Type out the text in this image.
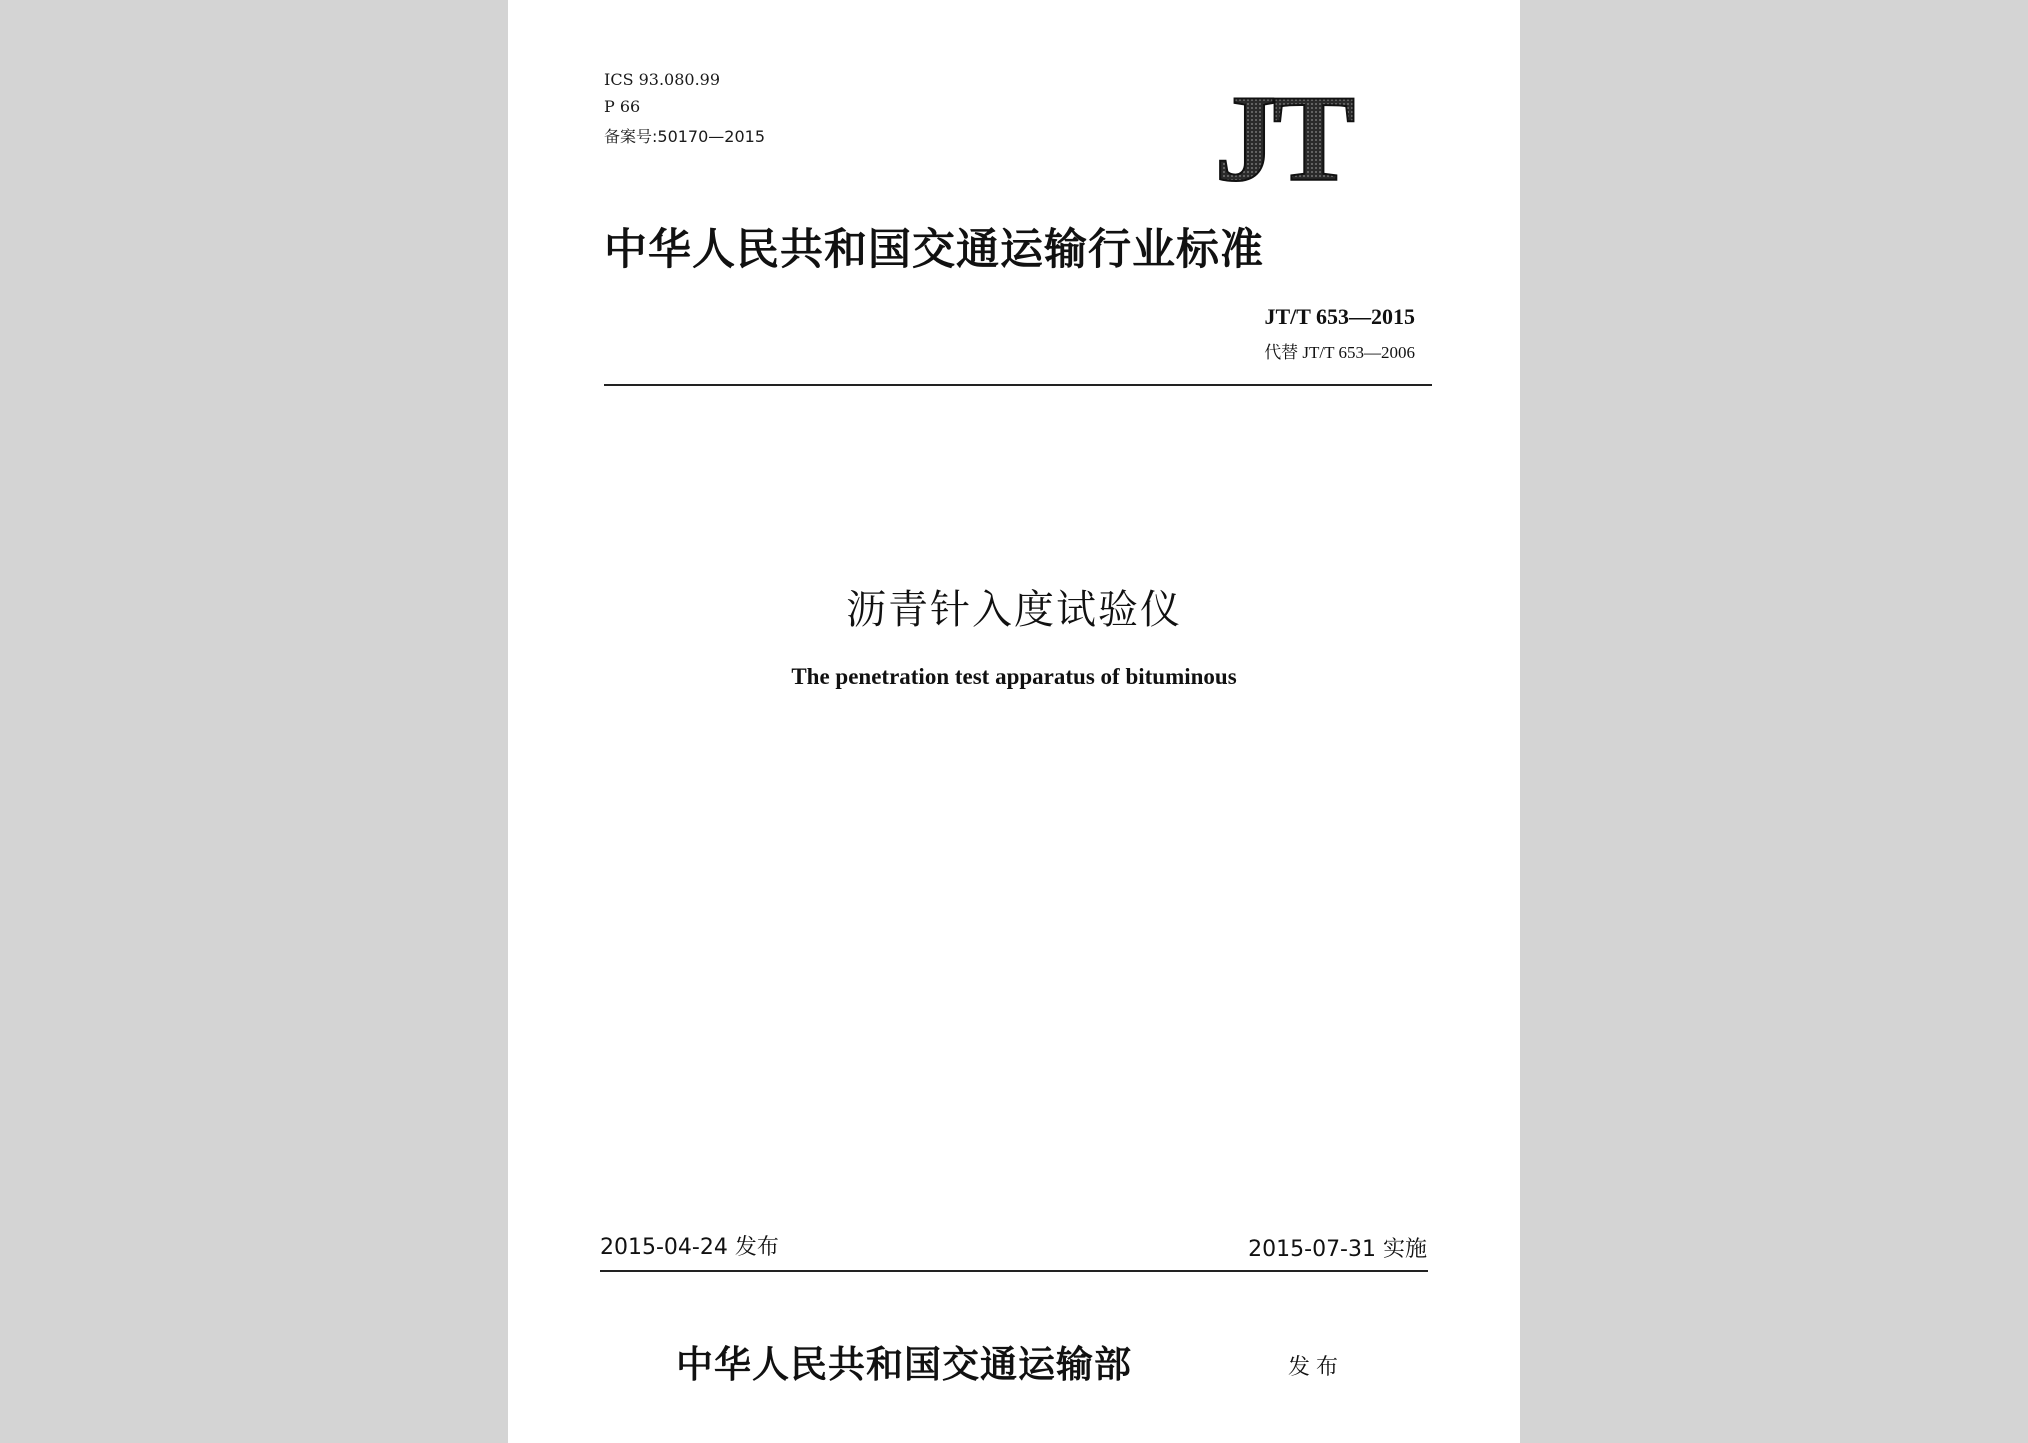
ICS 93.080.99
P 66
备案号:50170—2015	JT
中华人民共和国交通运输行业标准
JT/T 653—2015
代替 JT/T 653—2006
沥青针入度试验仪
The penetration test apparatus of bituminous
2015-04-24 发布	2015-07-31 实施
中华人民共和国交通运输部	发布
